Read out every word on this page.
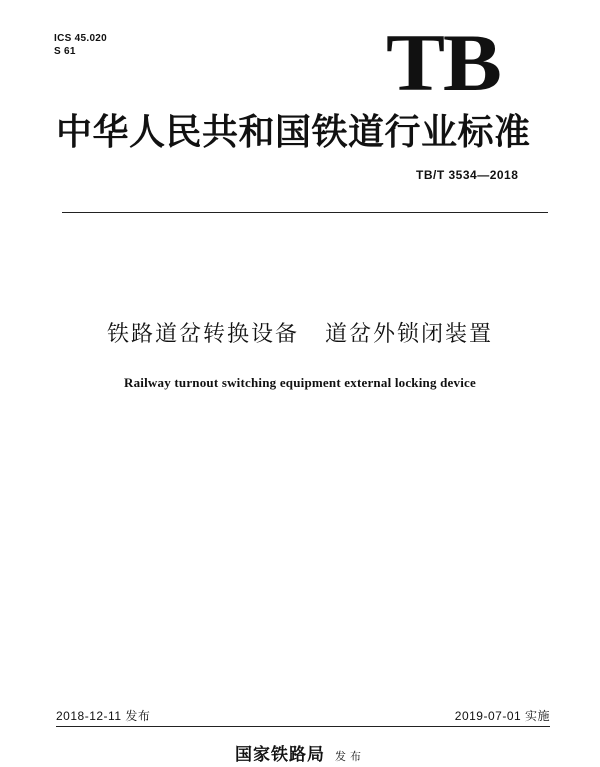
ICS 45.020
S 61	TB
中华人民共和国铁道行业标准
TB/T 3534—2018
铁路道岔转换设备 道岔外锁闭装置
Railway turnout switching equipment external locking device
2018-12-11 发布	2019-07-01 实施
国家铁路局 发布
